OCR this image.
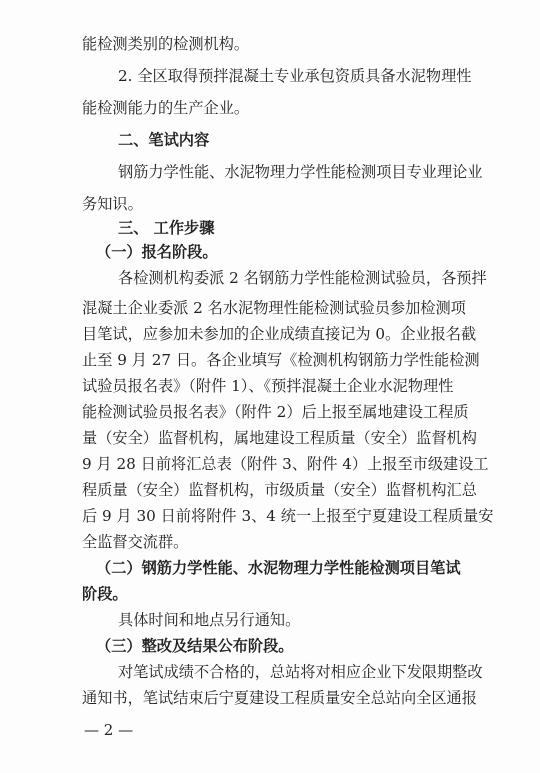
能检测类别的检测机构。
2. 全区取得预拌混凝土专业承包资质具备水泥物理性
能检测能力的生产企业。
二、笔试内容
钢筋力学性能、水泥物理力学性能检测项目专业理论业
务知识。
三、 工作步骤
（一）报名阶段。
各检测机构委派 2 名钢筋力学性能检测试验员，各预拌
混凝土企业委派 2 名水泥物理性能检测试验员参加检测项
目笔试，应参加未参加的企业成绩直接记为 0。企业报名截
止至 9 月 27 日。各企业填写《检测机构钢筋力学性能检测
试验员报名表》（附件 1）、《预拌混凝土企业水泥物理性
能检测试验员报名表》（附件 2）后上报至属地建设工程质
量（安全）监督机构，属地建设工程质量（安全）监督机构
9 月 28 日前将汇总表（附件 3、附件 4）上报至市级建设工
程质量（安全）监督机构，市级质量（安全）监督机构汇总
后 9 月 30 日前将附件 3、4 统一上报至宁夏建设工程质量安
全监督交流群。
（二）钢筋力学性能、水泥物理力学性能检测项目笔试
阶段。
具体时间和地点另行通知。
（三）整改及结果公布阶段。
对笔试成绩不合格的，总站将对相应企业下发限期整改
通知书，笔试结束后宁夏建设工程质量安全总站向全区通报
— 2 —
